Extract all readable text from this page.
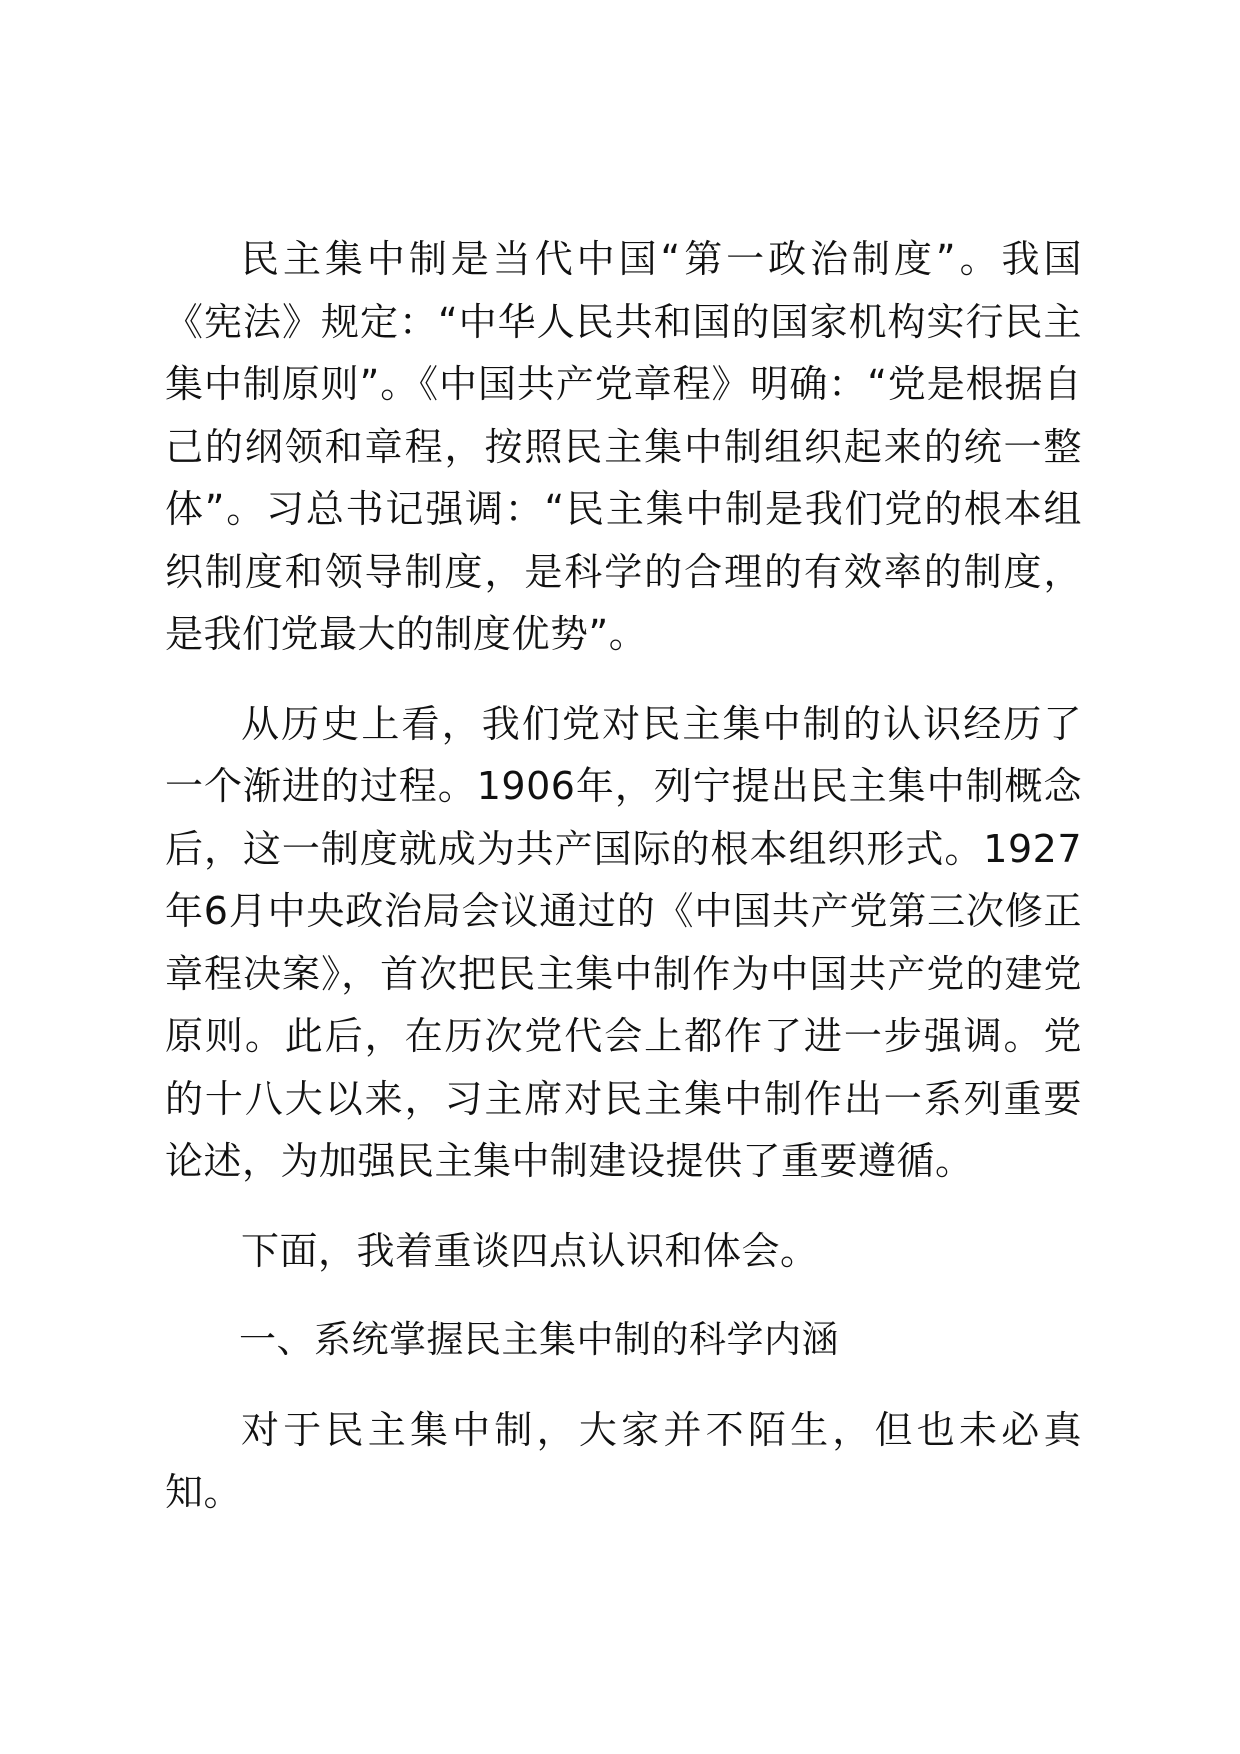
民主集中制是当代中国“第一政治制度”。我国《宪法》规定：“中华人民共和国的国家机构实行民主集中制原则”。《中国共产党章程》明确：“党是根据自己的纲领和章程，按照民主集中制组织起来的统一整体”。习总书记强调：“民主集中制是我们党的根本组织制度和领导制度，是科学的合理的有效率的制度，是我们党最大的制度优势”。

从历史上看，我们党对民主集中制的认识经历了一个渐进的过程。1906年，列宁提出民主集中制概念后，这一制度就成为共产国际的根本组织形式。1927年6月中央政治局会议通过的《中国共产党第三次修正章程决案》，首次把民主集中制作为中国共产党的建党原则。此后，在历次党代会上都作了进一步强调。党的十八大以来，习主席对民主集中制作出一系列重要论述，为加强民主集中制建设提供了重要遵循。

下面，我着重谈四点认识和体会。

一、系统掌握民主集中制的科学内涵

对于民主集中制，大家并不陌生，但也未必真知。
